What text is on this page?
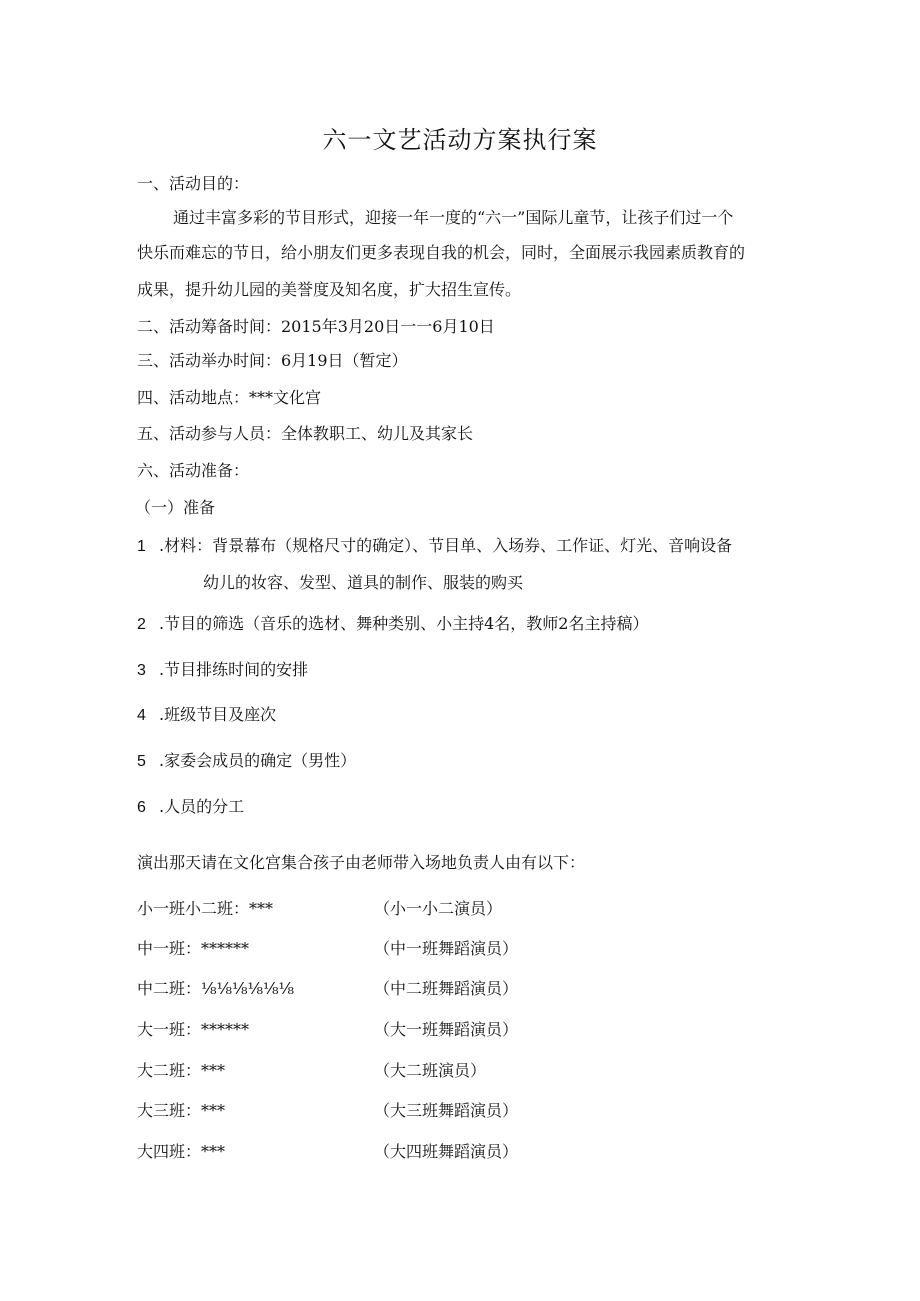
六一文艺活动方案执行案
一、活动目的：
通过丰富多彩的节目形式，迎接一年一度的“六一”国际儿童节，让孩子们过一个
快乐而难忘的节日，给小朋友们更多表现自我的机会，同时，全面展示我园素质教育的
成果，提升幼儿园的美誉度及知名度，扩大招生宣传。
二、活动筹备时间：2015年3月20日一一6月10日
三、活动举办时间：6月19日（暂定）
四、活动地点：***文化宫
五、活动参与人员：全体教职工、幼儿及其家长
六、活动准备：
（一）准备
1 .材料：背景幕布（规格尺寸的确定）、节目单、入场券、工作证、灯光、音响设备
幼儿的妆容、发型、道具的制作、服装的购买
2 .节目的筛选（音乐的选材、舞种类别、小主持4名，教师2名主持稿）
3 .节目排练时间的安排
4 .班级节目及座次
5 .家委会成员的确定（男性）
6 .人员的分工
演出那天请在文化宫集合孩子由老师带入场地负责人由有以下：
小一班小二班：***	（小一小二演员）
中一班：******	（中一班舞蹈演员）
中二班：⅛⅛⅛⅛⅛⅛	（中二班舞蹈演员）
大一班：******	（大一班舞蹈演员）
大二班：***	（大二班演员）
大三班：***	（大三班舞蹈演员）
大四班：***	（大四班舞蹈演员）
